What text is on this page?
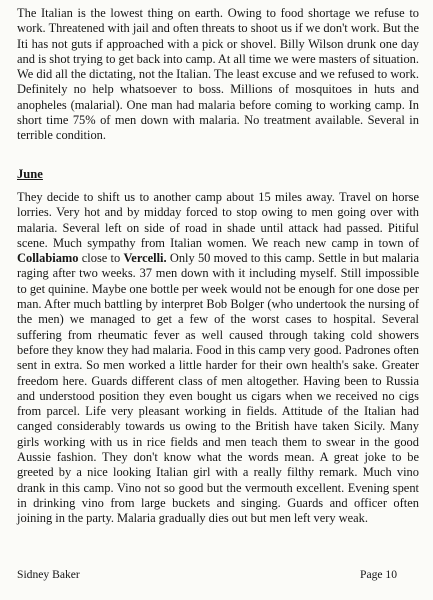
The Italian is the lowest thing on earth. Owing to food shortage we refuse to work. Threatened with jail and often threats to shoot us if we don't work. But the Iti has not guts if approached with a pick or shovel. Billy Wilson drunk one day and is shot trying to get back into camp. At all time we were masters of situation. We did all the dictating, not the Italian. The least excuse and we refused to work. Definitely no help whatsoever to boss. Millions of mosquitoes in huts and anopheles (malarial). One man had malaria before coming to working camp. In short time 75% of men down with malaria. No treatment available. Several in terrible condition.

June

They decide to shift us to another camp about 15 miles away. Travel on horse lorries. Very hot and by midday forced to stop owing to men going over with malaria. Several left on side of road in shade until attack had passed. Pitiful scene. Much sympathy from Italian women. We reach new camp in town of Collabiamo close to Vercelli. Only 50 moved to this camp. Settle in but malaria raging after two weeks. 37 men down with it including myself. Still impossible to get quinine. Maybe one bottle per week would not be enough for one dose per man. After much battling by interpret Bob Bolger (who undertook the nursing of the men) we managed to get a few of the worst cases to hospital. Several suffering from rheumatic fever as well caused through taking cold showers before they know they had malaria. Food in this camp very good. Padrones often sent in extra. So men worked a little harder for their own health's sake. Greater freedom here. Guards different class of men altogether. Having been to Russia and understood position they even bought us cigars when we received no cigs from parcel. Life very pleasant working in fields. Attitude of the Italian had canged considerably towards us owing to the British have taken Sicily. Many girls working with us in rice fields and men teach them to swear in the good Aussie fashion. They don't know what the words mean. A great joke to be greeted by a nice looking Italian girl with a really filthy remark. Much vino drank in this camp. Vino not so good but the vermouth excellent. Evening spent in drinking vino from large buckets and singing. Guards and officer often joining in the party. Malaria gradually dies out but men left very weak.

Sidney Baker	Page 10
